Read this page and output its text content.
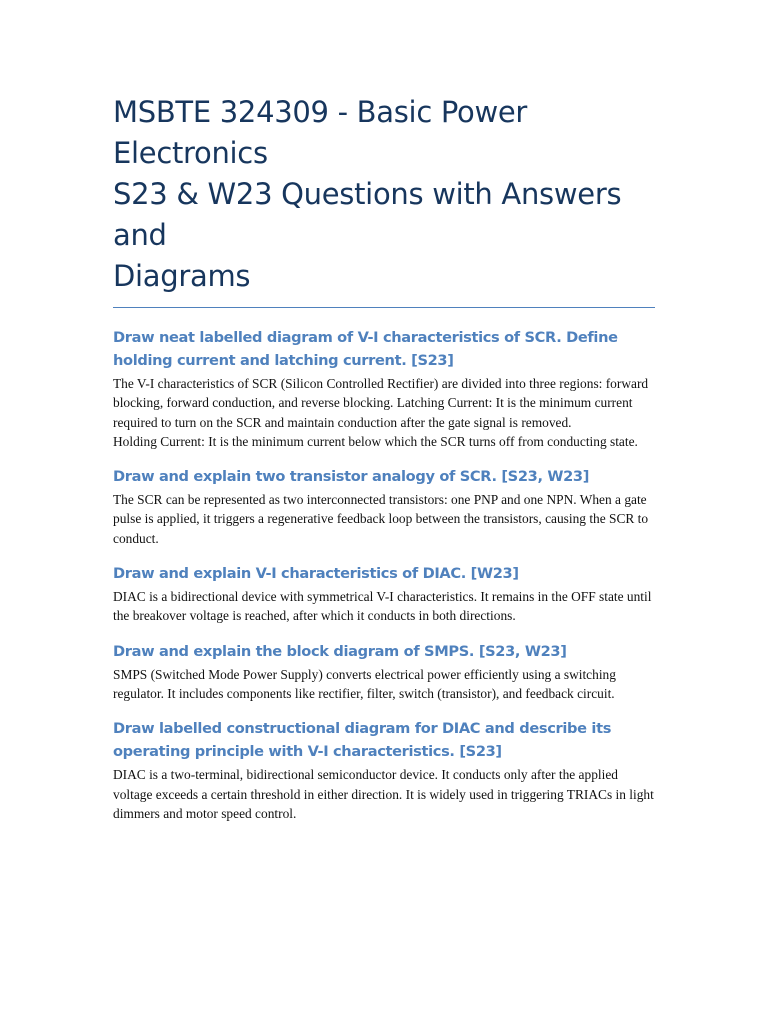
MSBTE 324309 - Basic Power
Electronics
S23 & W23 Questions with Answers and
Diagrams
Draw neat labelled diagram of V-I characteristics of SCR. Define holding current and latching current. [S23]

The V-I characteristics of SCR (Silicon Controlled Rectifier) are divided into three regions: forward blocking, forward conduction, and reverse blocking. Latching Current: It is the minimum current required to turn on the SCR and maintain conduction after the gate signal is removed.

Holding Current: It is the minimum current below which the SCR turns off from conducting state.

Draw and explain two transistor analogy of SCR. [S23, W23]

The SCR can be represented as two interconnected transistors: one PNP and one NPN. When a gate pulse is applied, it triggers a regenerative feedback loop between the transistors, causing the SCR to conduct.

Draw and explain V-I characteristics of DIAC. [W23]

DIAC is a bidirectional device with symmetrical V-I characteristics. It remains in the OFF state until the breakover voltage is reached, after which it conducts in both directions.

Draw and explain the block diagram of SMPS. [S23, W23]

SMPS (Switched Mode Power Supply) converts electrical power efficiently using a switching regulator. It includes components like rectifier, filter, switch (transistor), and feedback circuit.

Draw labelled constructional diagram for DIAC and describe its operating principle with V-I characteristics. [S23]

DIAC is a two-terminal, bidirectional semiconductor device. It conducts only after the applied voltage exceeds a certain threshold in either direction. It is widely used in triggering TRIACs in light dimmers and motor speed control.
